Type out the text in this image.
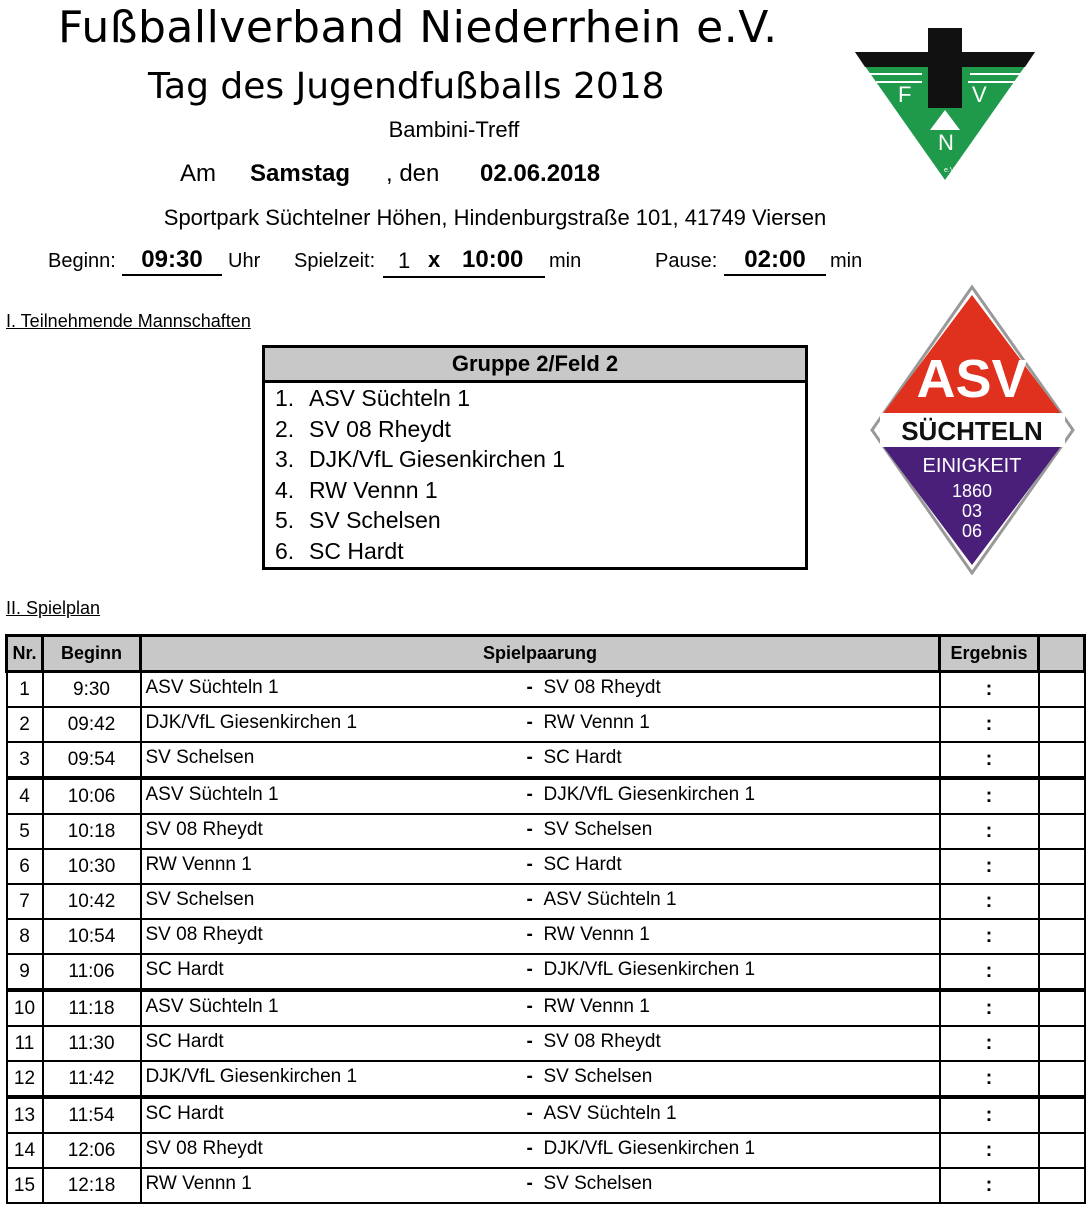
Fußballverband Niederrhein e.V.
Tag des Jugendfußballs 2018
Bambini-Treff
Am Samstag , den 02.06.2018
Sportpark Süchtelner Höhen, Hindenburgstraße 101, 41749 Viersen
Beginn:	09:30	Uhr Spielzeit: 1 x 10:00 min	Pause:	02:00	min
F	V
N
e.V.
ASV
SÜCHTELN
EINIGKEIT
1860
03
06
I. Teilnehmende Mannschaften
Gruppe 2/Feld 2
1. ASV Süchteln 1
2. SV 08 Rheydt
3. DJK/VfL Giesenkirchen 1
4. RW Vennn 1
5. SV Schelsen
6. SC Hardt
II. Spielplan
Nr.	Beginn	Spielpaarung	Ergebnis	
1	9:30	ASV Süchteln 1 - SV 08 Rheydt	:	
2	09:42	DJK/VfL Giesenkirchen 1 - RW Vennn 1	:	
3	09:54	SV Schelsen - SC Hardt	:	
4	10:06	ASV Süchteln 1 - DJK/VfL Giesenkirchen 1	:	
5	10:18	SV 08 Rheydt - SV Schelsen	:	
6	10:30	RW Vennn 1 - SC Hardt	:	
7	10:42	SV Schelsen - ASV Süchteln 1	:	
8	10:54	SV 08 Rheydt - RW Vennn 1	:	
9	11:06	SC Hardt - DJK/VfL Giesenkirchen 1	:	
10	11:18	ASV Süchteln 1 - RW Vennn 1	:	
11	11:30	SC Hardt - SV 08 Rheydt	:	
12	11:42	DJK/VfL Giesenkirchen 1 - SV Schelsen	:	
13	11:54	SC Hardt - ASV Süchteln 1	:	
14	12:06	SV 08 Rheydt - DJK/VfL Giesenkirchen 1	:	
15	12:18	RW Vennn 1 - SV Schelsen	:	
